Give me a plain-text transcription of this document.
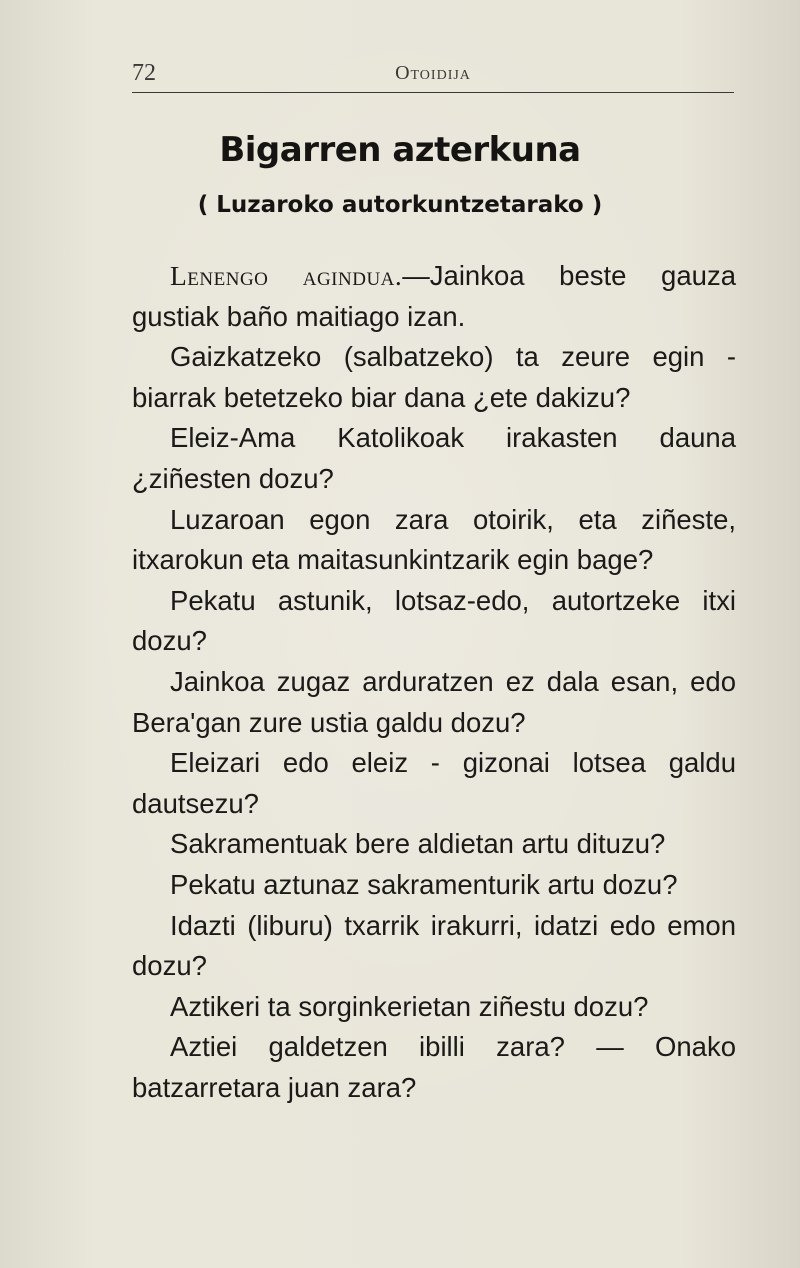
72	Otoidija
Bigarren azterkuna
( Luzaroko autorkuntzetarako )

Lenengo agindua.—Jainkoa beste gauza gustiak baño maitiago izan.

Gaizkatzeko (salbatzeko) ta zeure egin -biarrak betetzeko biar dana ¿ete dakizu?

Eleiz-Ama Katolikoak irakasten dauna ¿ziñesten dozu?

Luzaroan egon zara otoirik, eta ziñeste, itxarokun eta maitasunkintzarik egin bage?

Pekatu astunik, lotsaz-edo, autortzeke itxi dozu?

Jainkoa zugaz arduratzen ez dala esan, edo Bera'gan zure ustia galdu dozu?

Eleizari edo eleiz - gizonai lotsea galdu dautsezu?

Sakramentuak bere aldietan artu dituzu?

Pekatu aztunaz sakramenturik artu dozu?

Idazti (liburu) txarrik irakurri, idatzi edo emon dozu?

Aztikeri ta sorginkerietan ziñestu dozu?

Aztiei galdetzen ibilli zara? — Onako batzarretara juan zara?
